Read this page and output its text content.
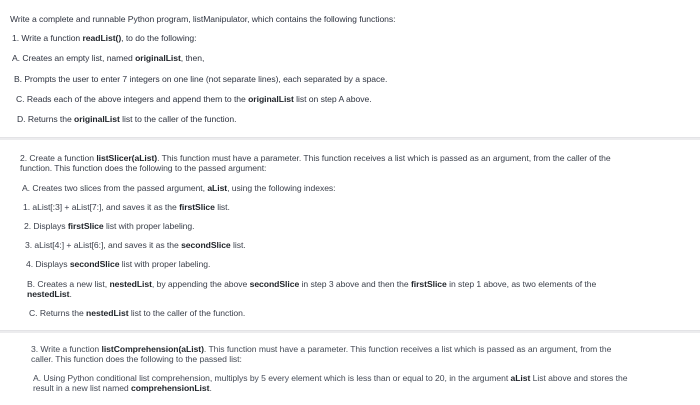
Write a complete and runnable Python program, listManipulator, which contains the following functions:
1. Write a function readList(), to do the following:
A. Creates an empty list, named originalList, then,
B. Prompts the user to enter 7 integers on one line (not separate lines), each separated by a space.
C. Reads each of the above integers and append them to the originalList list on step A above.
D. Returns the originalList list to the caller of the function.
2. Create a function listSlicer(aList). This function must have a parameter. This function receives a list which is passed as an argument, from the caller of the
function. This function does the following to the passed argument:
A. Creates two slices from the passed argument, aList, using the following indexes:
1. aList[:3] + aList[7:], and saves it as the firstSlice list.
2. Displays firstSlice list with proper labeling.
3. aList[4:] + aList[6:], and saves it as the secondSlice list.
4. Displays secondSlice list with proper labeling.
B. Creates a new list, nestedList, by appending the above secondSlice in step 3 above and then the firstSlice in step 1 above, as two elements of the
nestedList.
C. Returns the nestedList list to the caller of the function.
3. Write a function listComprehension(aList). This function must have a parameter. This function receives a list which is passed as an argument, from the
caller. This function does the following to the passed list:
A. Using Python conditional list comprehension, multiplys by 5 every element which is less than or equal to 20, in the argument aList List above and stores the
result in a new list named comprehensionList.
